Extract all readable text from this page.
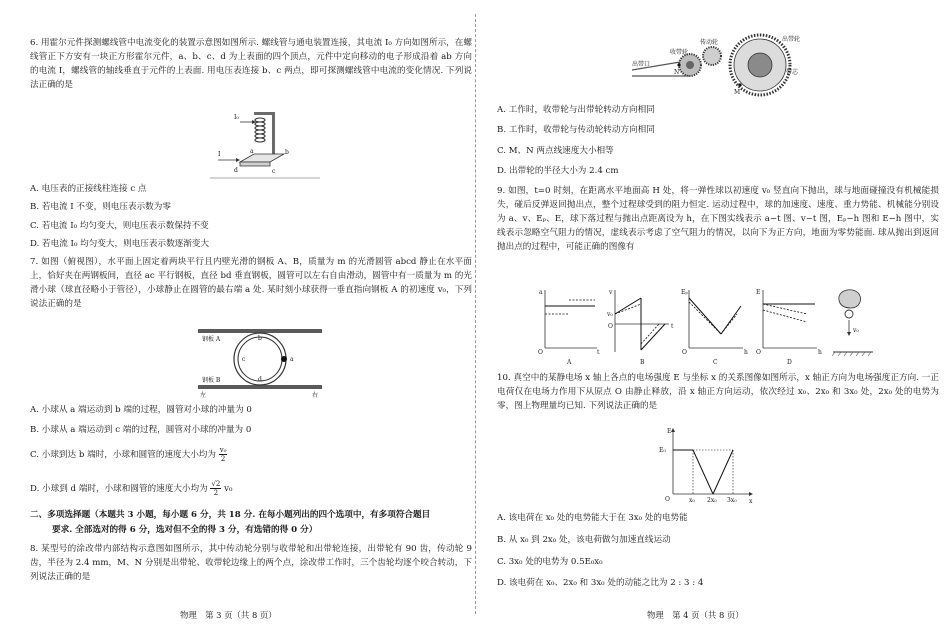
6. 用霍尔元件探测螺线管中电流变化的装置示意图如图所示. 螺线管与通电装置连接，其电流 I₀ 方向如图所示，在螺线管正下方安有一块正方形霍尔元件，a、b、c、d 为上表面的四个顶点，元件中定向移动的电子形成沿着 ab 方向的电流 I，螺线管的轴线垂直于元件的上表面. 用电压表连接 b、c 两点，即可探测螺线管中电流的变化情况. 下列说法正确的是
I₀
I	a	b
c
d
A. 电压表的正接线柱连接 c 点
B. 若电流 I 不变，则电压表示数为零
C. 若电流 I₀ 均匀变大，则电压表示数保持不变
D. 若电流 I₀ 均匀变大，则电压表示数逐渐变大
7. 如图（俯视图），水平面上固定着两块平行且内壁光滑的钢板 A、B，质量为 m 的光滑圆管 abcd 静止在水平面上，恰好夹在两钢板间，直径 ac 平行钢板，直径 bd 垂直钢板，圆管可以左右自由滑动，圆管中有一质量为 m 的光滑小球（球直径略小于管径），小球静止在圆管的最右端 a 处. 某时刻小球获得一垂直指向钢板 A 的初速度 v₀，下列说法正确的是
钢板 A
钢板 B
a
b
c
d
左	右
A. 小球从 a 端运动到 b 端的过程，圆管对小球的冲量为 0
B. 小球从 a 端运动到 c 端的过程，圆管对小球的冲量为 0
C. 小球到达 b 端时，小球和圆管的速度大小均为 $\frac{\text{v₀}}{2}$
D. 小球到 d 端时，小球和圆管的速度大小均为 $\frac{√2}{2} v_0$
二、多项选择题（本题共 3 小题，每小题 6 分，共 18 分. 在每小题列出的四个选项中，有多项符合题目
要求. 全部选对的得 6 分，选对但不全的得 3 分，有选错的得 0 分）
8. 某型号的涂改带内部结构示意图如图所示，其中传动轮分别与收带轮和出带轮连接，出带轮有 90 齿，传动轮 9 齿，半径为 2.4 mm，M、N 分别是出带轮、收带轮边缘上的两个点，涂改带工作时，三个齿轮均逐个咬合转动，下列说法正确的是
物理　第 3 页（共 8 页）
出带轮
传动轮
收带轮
出带口
带芯
M
N
A. 工作时，收带轮与出带轮转动方向相同
B. 工作时，收带轮与传动轮转动方向相同
C. M、N 两点线速度大小相等
D. 出带轮的半径大小为 2.4 cm
9. 如图，t=0 时刻，在距离水平地面高 H 处，将一弹性球以初速度 v₀ 竖直向下抛出，球与地面碰撞没有机械能损失，碰后反弹返回抛出点，整个过程球受到的阻力恒定. 运动过程中，球的加速度、速度、重力势能、机械能分别设为 a、v、Eₚ、E，球下落过程与抛出点距离设为 h，在下图实线表示 a−t 图、v−t 图，Eₚ−h 图和 E−h 图中，实线表示忽略空气阻力的情况，虚线表示考虑了空气阻力的情况，以向下为正方向，地面为零势能面. 球从抛出到返回抛出点的过程中，可能正确的图像有
a
t
O
A
v
t
O
v₀
B
Eₚ
h
O
C
E
h
O
D
v₀
10. 真空中的某静电场 x 轴上各点的电场强度 E 与坐标 x 的关系图像如图所示，x 轴正方向为电场强度正方向. 一正电荷仅在电场力作用下从原点 O 由静止释放，沿 x 轴正方向运动，依次经过 x₀、2x₀ 和 3x₀ 处，2x₀ 处的电势为零，图上物理量均已知. 下列说法正确的是
E
E₀
O	x
x₀ 2x₀ 3x₀
A. 该电荷在 x₀ 处的电势能大于在 3x₀ 处的电势能
B. 从 x₀ 到 2x₀ 处，该电荷做匀加速直线运动
C. 3x₀ 处的电势为 0.5E₀x₀
D. 该电荷在 x₀、2x₀ 和 3x₀ 处的动能之比为 2 : 3 : 4
物理　第 4 页（共 8 页）
